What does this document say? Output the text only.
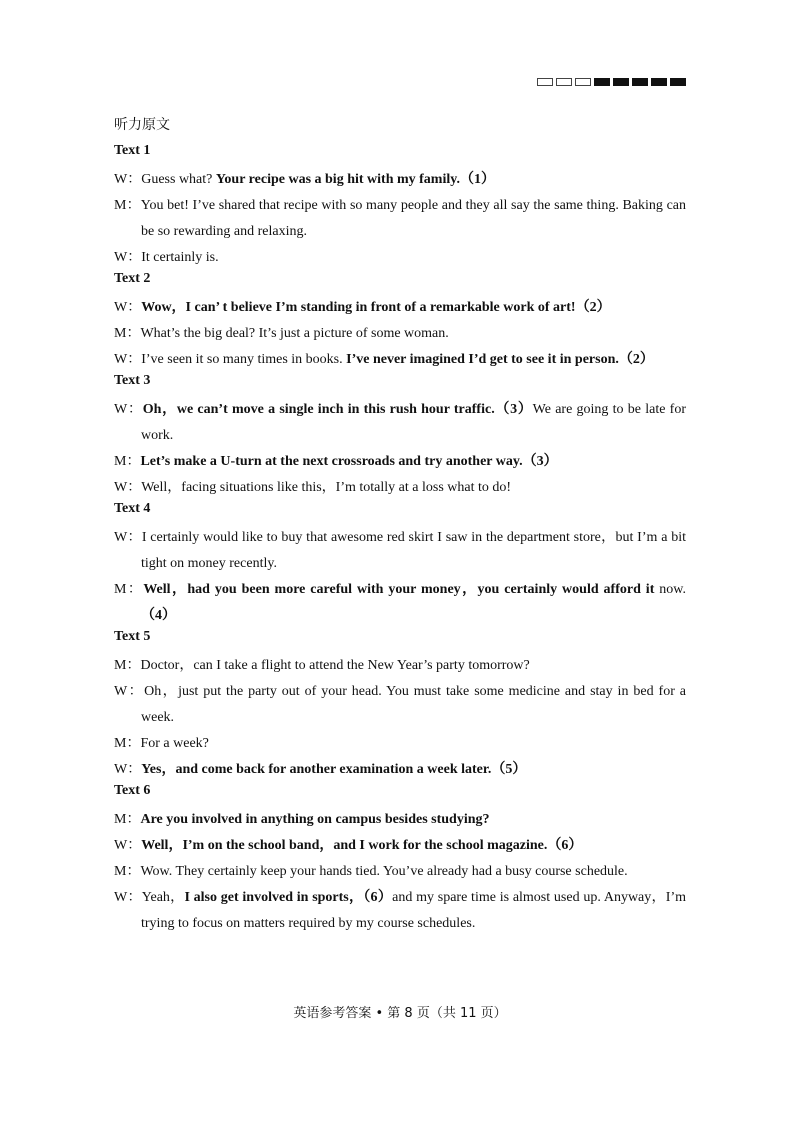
听力原文
Text 1
W：Guess what? Your recipe was a big hit with my family.（1）
M：You bet! I’ve shared that recipe with so many people and they all say the same thing. Baking can be so rewarding and relaxing.
W：It certainly is.
Text 2
W：Wow，I can’ t believe I’m standing in front of a remarkable work of art!（2）
M：What’s the big deal? It’s just a picture of some woman.
W：I’ve seen it so many times in books. I’ve never imagined I’d get to see it in person.（2）
Text 3
W：Oh，we can’t move a single inch in this rush hour traffic.（3）We are going to be late for work.
M：Let’s make a U-turn at the next crossroads and try another way.（3）
W：Well，facing situations like this，I’m totally at a loss what to do!
Text 4
W：I certainly would like to buy that awesome red skirt I saw in the department store，but I’m a bit tight on money recently.
M：Well，had you been more careful with your money，you certainly would afford it now.（4）
Text 5
M：Doctor，can I take a flight to attend the New Year’s party tomorrow?
W：Oh，just put the party out of your head. You must take some medicine and stay in bed for a week.
M：For a week?
W：Yes，and come back for another examination a week later.（5）
Text 6
M：Are you involved in anything on campus besides studying?
W：Well，I’m on the school band，and I work for the school magazine.（6）
M：Wow. They certainly keep your hands tied. You’ve already had a busy course schedule.
W：Yeah，I also get involved in sports，（6）and my spare time is almost used up. Anyway，I’m trying to focus on matters required by my course schedules.
英语参考答案 • 第 8 页（共 11 页）
